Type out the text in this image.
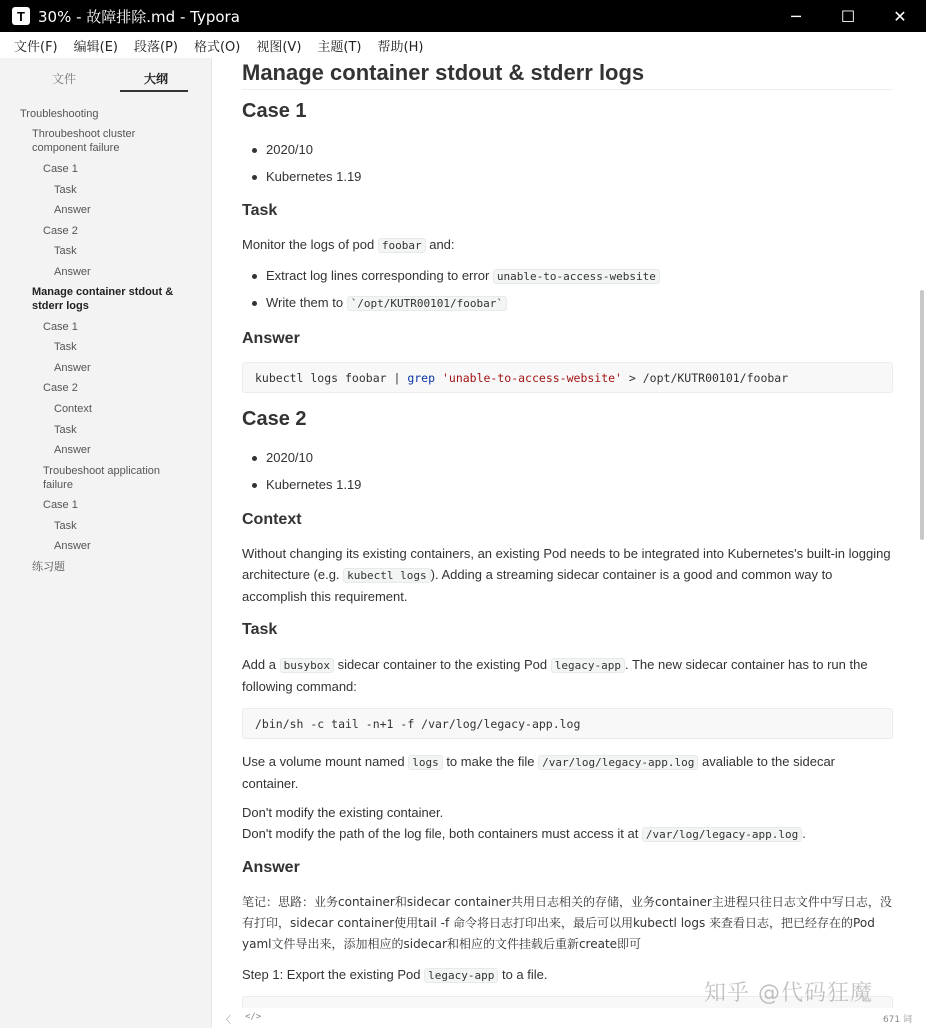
T 30% - 故障排除.md - Typora	─	☐	✕
文件(F)	编辑(E)	段落(P)	格式(O)	视图(V)	主题(T)	帮助(H)
文件	大纲
Troubleshooting
Throubeshoot cluster component failure
Case 1
Task
Answer
Case 2
Task
Answer
Manage container stdout & stderr logs
Case 1
Task
Answer
Case 2
Context
Task
Answer
Troubeshoot application failure
Case 1
Task
Answer
练习题
Manage container stdout & stderr logs
Case 1
2020/10
Kubernetes 1.19
Task
Monitor the logs of pod foobar and:
Extract log lines corresponding to error unable-to-access-website
Write them to `/opt/KUTR00101/foobar`
Answer
kubectl logs foobar | grep
'unable-to-access-website' > /opt/KUTR00101/foobar
Case 2
2020/10
Kubernetes 1.19
Context
Without changing its existing containers, an existing Pod needs to be integrated into Kubernetes's built-in logging architecture (e.g. kubectl logs ). Adding a streaming sidecar container is a good and common way to accomplish this requirement.
Task
Add a busybox sidecar container to the existing Pod legacy-app . The new sidecar container has to run the following command:
/bin/sh -c tail -n+1 -f /var/log/legacy-app.log
Use a volume mount named logs to make the file /var/log/legacy-app.log avaliable to the sidecar container.
Don't modify the existing container.
Don't modify the path of the log file, both containers must access it at /var/log/legacy-app.log .
Answer
笔记：思路：业务container和sidecar container共用日志相关的存储，业务container主进程只往日志文件中写日志，没有打印，sidecar container使用tail -f 命令将日志打印出来，最后可以用kubectl logs 来查看日志，把已经存在的Pod yaml文件导出来，添加相应的sidecar和相应的文件挂载后重新create即可
Step 1: Export the existing Pod legacy-app to a file.
〈 </>	671 词
知乎 @代码狂魔
